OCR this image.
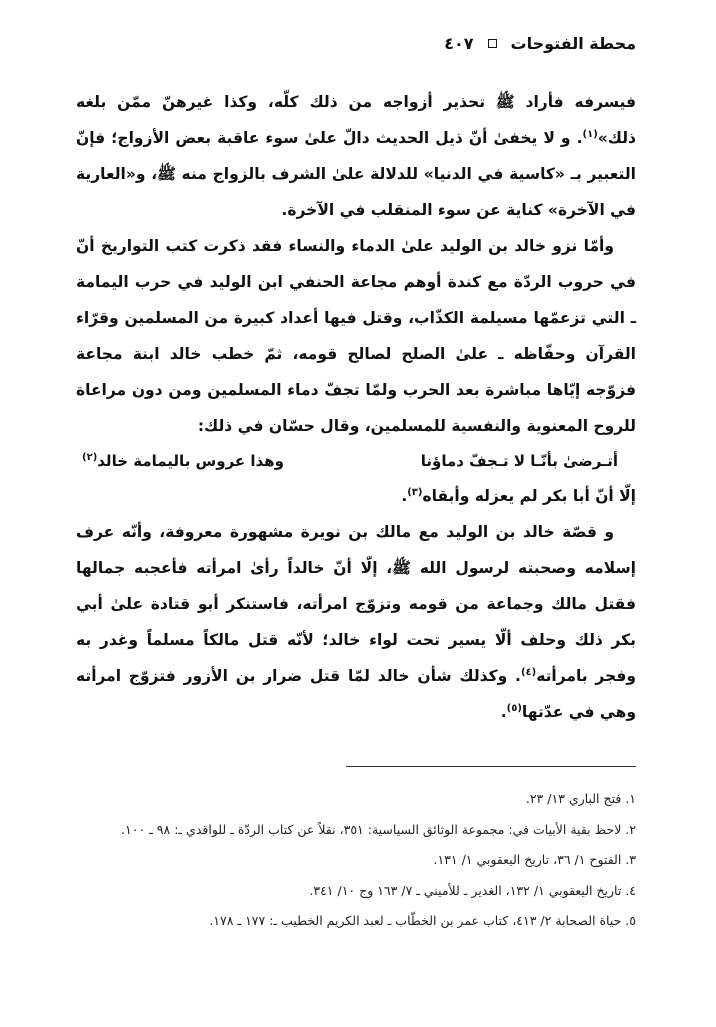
محطة الفتوحات
٤٠٧

فيسرفه فأراد ﷺ تحذير أزواجه من ذلك كلّه، وكذا غيرهنّ ممّن بلغه ذلك»$^{(١)}$. و لا يخفىٰ أنّ ذيل الحديث دالّ علىٰ سوء عاقبة بعض الأزواج؛ فإنّ التعبير بـ «كاسية في الدنيا» للدلالة علىٰ الشرف بالزواج منه ﷺ، و«العارية في الآخرة» كناية عن سوء المنقلب في الآخرة.

وأمّا نزو خالد بن الوليد علىٰ الدماء والنساء فقد ذكرت كتب التواريخ أنّ في حروب الردّة مع كندة أوهم مجاعة الحنفي ابن الوليد في حرب اليمامة ـ التي تزعمّها مسيلمة الكذّاب، وقتل فيها أعداد كبيرة من المسلمين وقرّاء القرآن وحفّاظه ـ علىٰ الصلح لصالح قومه، ثمّ خطب خالد ابنة مجاعة فزوّجه إيّاها مباشرة بعد الحرب ولمّا تجفّ دماء المسلمين ومن دون مراعاة للروح المعنوية والنفسية للمسلمين، وقال حسّان في ذلك:

أتـرضىٰ بأنّـا لا تـجفّ دماؤنا
وهذا عروس باليمامة خالد$^{(٢)}$

إلّا أنّ أبا بكر لم يعزله وأبقاه$^{(٣)}$.

و قصّة خالد بن الوليد مع مالك بن نويرة مشهورة معروفة، وأنّه عرف إسلامه وصحبته لرسول الله ﷺ، إلّا أنّ خالداً رأىٰ امرأته فأعجبه جمالها فقتل مالك وجماعة من قومه وتزوّج امرأته، فاستنكر أبو قتادة علىٰ أبي بكر ذلك وحلف ألّا يسير تحت لواء خالد؛ لأنّه قتل مالكاً مسلماً وغدر به وفجر بامرأته$^{(٤)}$. وكذلك شأن خالد لمّا قتل ضرار بن الأزور فتزوّج امرأته وهي في عدّتها$^{(٥)}$.

١. فتح الباري ١٣/ ٢٣.
٢. لاحظ بقية الأبيات في: مجموعة الوثائق السياسية: ٣٥١، نقلاً عن كتاب الردّة ـ للواقدي ـ: ٩٨ ـ ١٠٠.
٣. الفتوح ١/ ٣٦، تاريخ اليعقوبي ١/ ١٣١.
٤. تاريخ اليعقوبي ١/ ١٣٢، الغدير ـ للأميني ـ ٧/ ١٦٣ وج ١٠/ ٣٤١.
٥. حياة الصحابة ٢/ ٤١٣، كتاب عمر بن الخطّاب ـ لعبد الكريم الخطيب ـ: ١٧٧ ـ ١٧٨.
